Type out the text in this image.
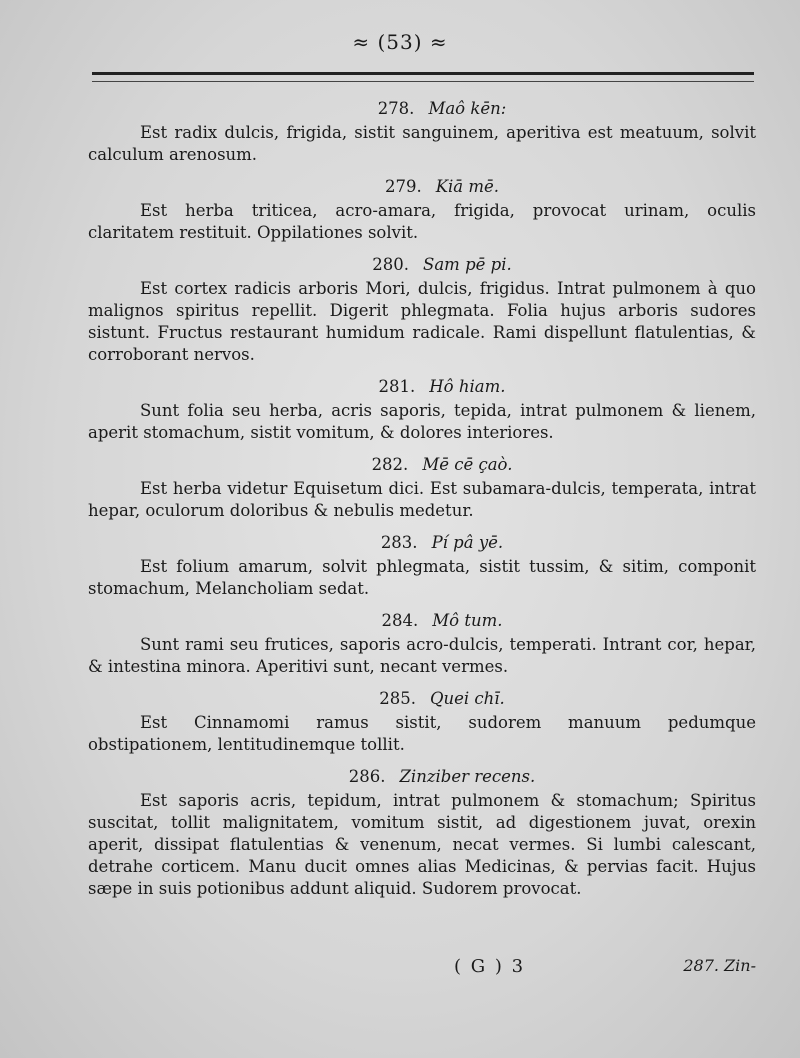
≈ (53) ≈
278. Maô kēn:

Est radix dulcis, frigida, sistit sanguinem, aperitiva est meatuum, solvit calculum arenosum.

279. Kiā mē.

Est herba triticea, acro-amara, frigida, provocat urinam, oculis claritatem restituit. Oppilationes solvit.

280. Sam pē pi.

Est cortex radicis arboris Mori, dulcis, frigidus. Intrat pulmonem à quo malignos spiritus repellit. Digerit phlegmata. Folia hujus arboris sudores sistunt. Fructus restaurant humidum radicale. Rami dispellunt flatulentias, & corroborant nervos.

281. Hô hiam.

Sunt folia seu herba, acris saporis, tepida, intrat pulmonem & lienem, aperit stomachum, sistit vomitum, & dolores interiores.

282. Mē cē çaò.

Est herba videtur Equisetum dici. Est subamara-dulcis, temperata, intrat hepar, oculorum doloribus & nebulis medetur.

283. Pí pâ yē.

Est folium amarum, solvit phlegmata, sistit tussim, & sitim, componit stomachum, Melancholiam sedat.

284. Mô tum.

Sunt rami seu frutices, saporis acro-dulcis, temperati. Intrant cor, hepar, & intestina minora. Aperitivi sunt, necant vermes.

285. Quei chī.

Est Cinnamomi ramus sistit, sudorem manuum pedumque obstipationem, lentitudinemque tollit.

286. Zinziber recens.

Est saporis acris, tepidum, intrat pulmonem & stomachum; Spiritus suscitat, tollit malignitatem, vomitum sistit, ad digestionem juvat, orexin aperit, dissipat flatulentias & venenum, necat vermes. Si lumbi calescant, detrahe corticem. Manu ducit omnes alias Medicinas, & pervias facit. Hujus sæpe in suis potionibus addunt aliquid. Sudorem provocat.

( G ) 3	287. Zin-
